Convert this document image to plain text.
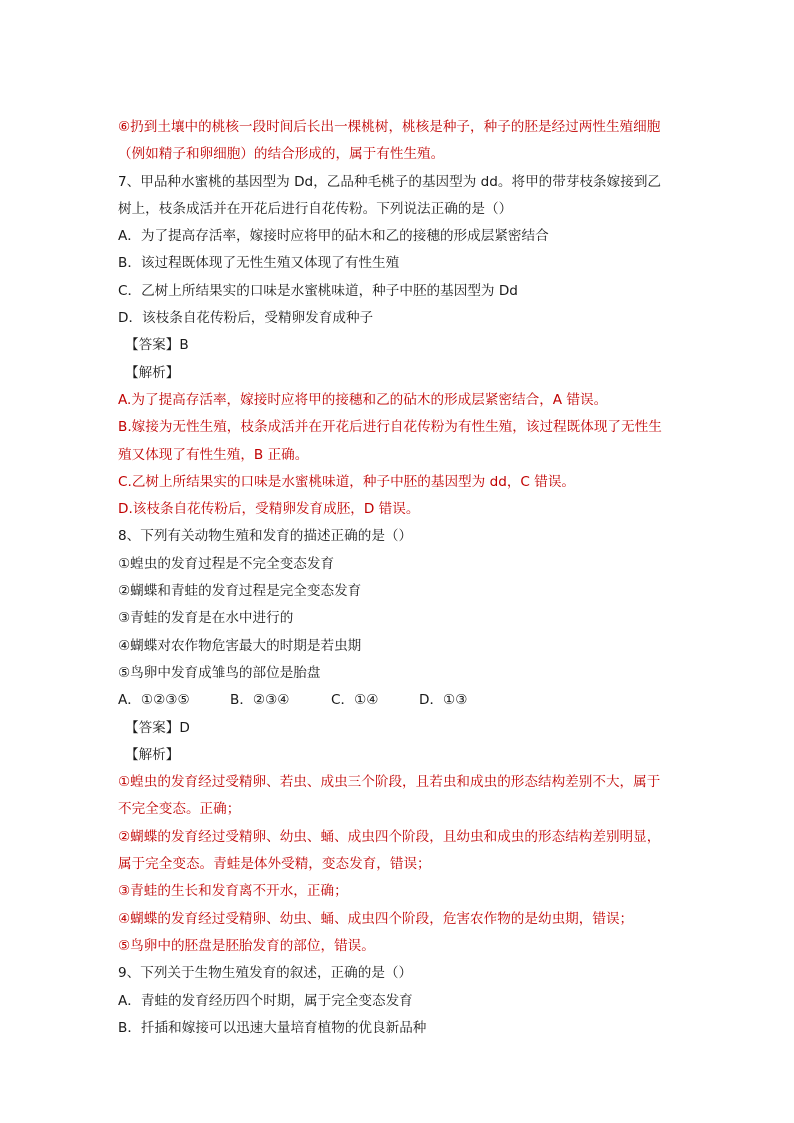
⑥扔到土壤中的桃核一段时间后长出一棵桃树，桃核是种子，种子的胚是经过两性生殖细胞
（例如精子和卵细胞）的结合形成的，属于有性生殖。
7、甲品种水蜜桃的基因型为 Dd，乙品种毛桃子的基因型为 dd。将甲的带芽枝条嫁接到乙
树上，枝条成活并在开花后进行自花传粉。下列说法正确的是（）
A．为了提高存活率，嫁接时应将甲的砧木和乙的接穗的形成层紧密结合
B．该过程既体现了无性生殖又体现了有性生殖
C．乙树上所结果实的口味是水蜜桃味道，种子中胚的基因型为 Dd
D．该枝条自花传粉后，受精卵发育成种子
【答案】B
【解析】
A.为了提高存活率，嫁接时应将甲的接穗和乙的砧木的形成层紧密结合，A 错误。
B.嫁接为无性生殖，枝条成活并在开花后进行自花传粉为有性生殖，该过程既体现了无性生
殖又体现了有性生殖，B 正确。
C.乙树上所结果实的口味是水蜜桃味道，种子中胚的基因型为 dd，C 错误。
D.该枝条自花传粉后，受精卵发育成胚，D 错误。
8、下列有关动物生殖和发育的描述正确的是（）
①蝗虫的发育过程是不完全变态发育
②蝴蝶和青蛙的发育过程是完全变态发育
③青蛙的发育是在水中进行的
④蝴蝶对农作物危害最大的时期是若虫期
⑤鸟卵中发育成雏鸟的部位是胎盘
A．①②③⑤	B．②③④	C．①④	D．①③
【答案】D
【解析】
①蝗虫的发育经过受精卵、若虫、成虫三个阶段，且若虫和成虫的形态结构差别不大，属于
不完全变态。正确；
②蝴蝶的发育经过受精卵、幼虫、蛹、成虫四个阶段，且幼虫和成虫的形态结构差别明显，
属于完全变态。青蛙是体外受精，变态发育，错误；
③青蛙的生长和发育离不开水，正确；
④蝴蝶的发育经过受精卵、幼虫、蛹、成虫四个阶段，危害农作物的是幼虫期，错误；
⑤鸟卵中的胚盘是胚胎发育的部位，错误。
9、下列关于生物生殖发育的叙述，正确的是（）
A．青蛙的发育经历四个时期，属于完全变态发育
B．扦插和嫁接可以迅速大量培育植物的优良新品种
